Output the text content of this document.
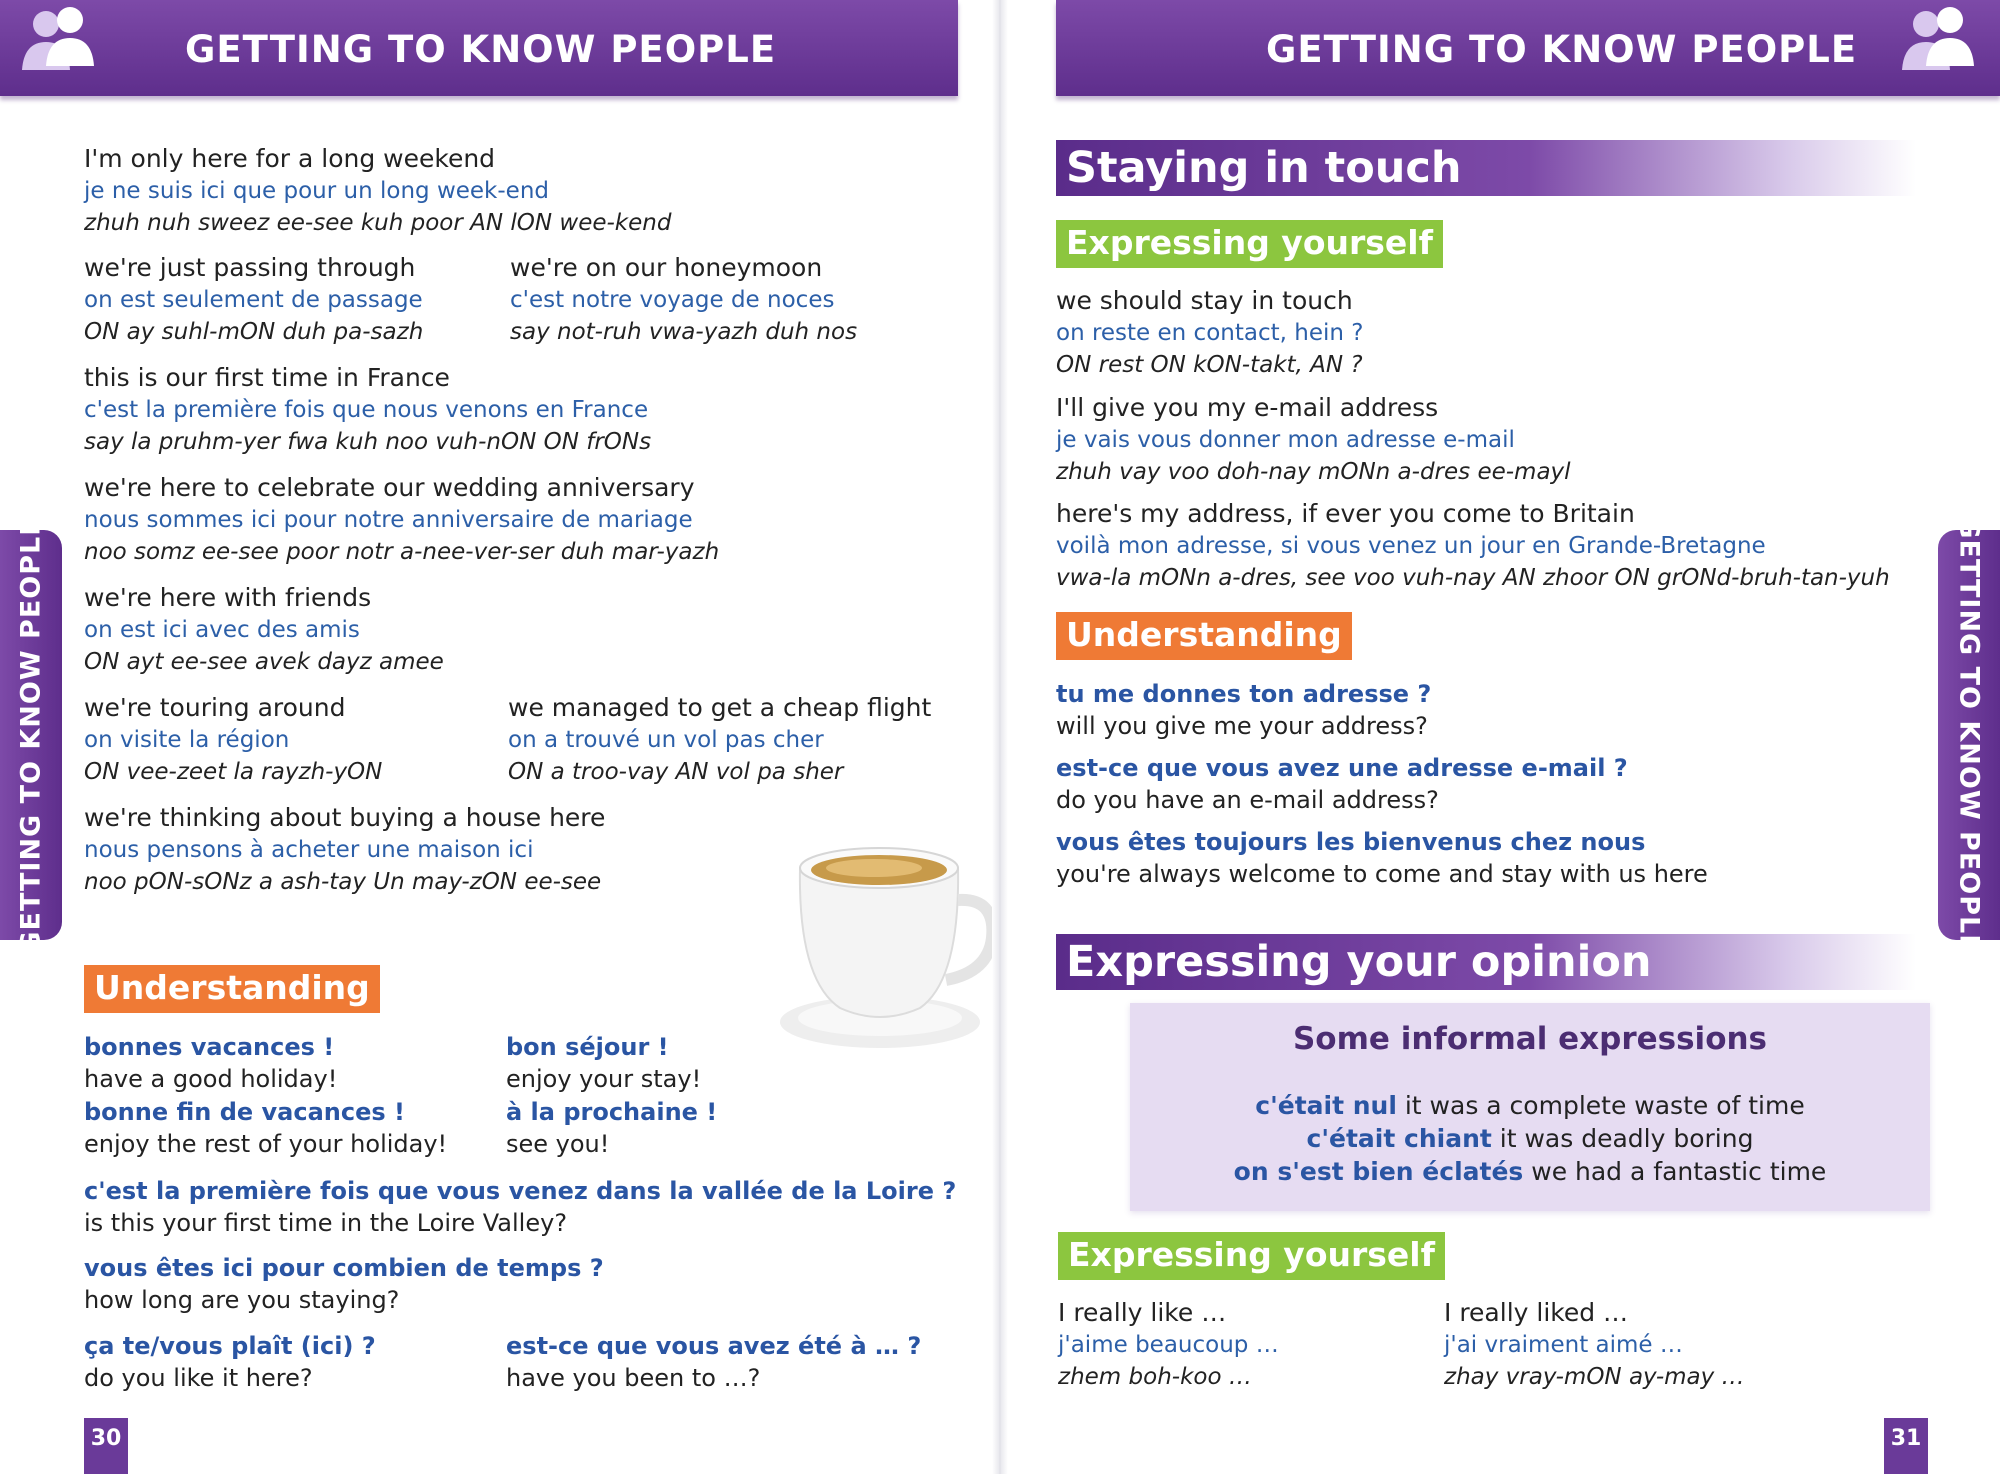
GETTING TO KNOW PEOPLE
GETTING TO KNOW PEOPLE
I'm only here for a long weekend
je ne suis ici que pour un long week-end
zhuh nuh sweez ee-see kuh poor AN lON wee-kend
we're just passing through
on est seulement de passage
ON ay suhl-mON duh pa-sazh
we're on our honeymoon
c'est notre voyage de noces
say not-ruh vwa-yazh duh nos
this is our first time in France
c'est la première fois que nous venons en France
say la pruhm-yer fwa kuh noo vuh-nON ON frONs
we're here to celebrate our wedding anniversary
nous sommes ici pour notre anniversaire de mariage
noo somz ee-see poor notr a-nee-ver-ser duh mar-yazh
we're here with friends
on est ici avec des amis
ON ayt ee-see avek dayz amee
we're touring around
on visite la région
ON vee-zeet la rayzh-yON
we managed to get a cheap flight
on a trouvé un vol pas cher
ON a troo-vay AN vol pa sher
we're thinking about buying a house here
nous pensons à acheter une maison ici
noo pON-sONz a ash-tay Un may-zON ee-see
Understanding
bonnes vacances !
have a good holiday!
bonne fin de vacances !
enjoy the rest of your holiday!
bon séjour !
enjoy your stay!
à la prochaine !
see you!
c'est la première fois que vous venez dans la vallée de la Loire ?
is this your first time in the Loire Valley?
vous êtes ici pour combien de temps ?
how long are you staying?
ça te/vous plaît (ici) ?
do you like it here?
est-ce que vous avez été à … ?
have you been to …?
30
GETTING TO KNOW PEOPLE
GETTING TO KNOW PEOPLE
Staying in touch
Expressing yourself
we should stay in touch
on reste en contact, hein ?
ON rest ON kON-takt, AN ?
I'll give you my e-mail address
je vais vous donner mon adresse e-mail
zhuh vay voo doh-nay mONn a-dres ee-mayl
here's my address, if ever you come to Britain
voilà mon adresse, si vous venez un jour en Grande-Bretagne
vwa-la mONn a-dres, see voo vuh-nay AN zhoor ON grONd-bruh-tan-yuh
Understanding
tu me donnes ton adresse ?
will you give me your address?
est-ce que vous avez une adresse e-mail ?
do you have an e-mail address?
vous êtes toujours les bienvenus chez nous
you're always welcome to come and stay with us here
Expressing your opinion
Some informal expressions
c'était nul it was a complete waste of time
c'était chiant it was deadly boring
on s'est bien éclatés we had a fantastic time
Expressing yourself
I really like …
j'aime beaucoup …
zhem boh-koo …
I really liked …
j'ai vraiment aimé …
zhay vray-mON ay-may …
31
